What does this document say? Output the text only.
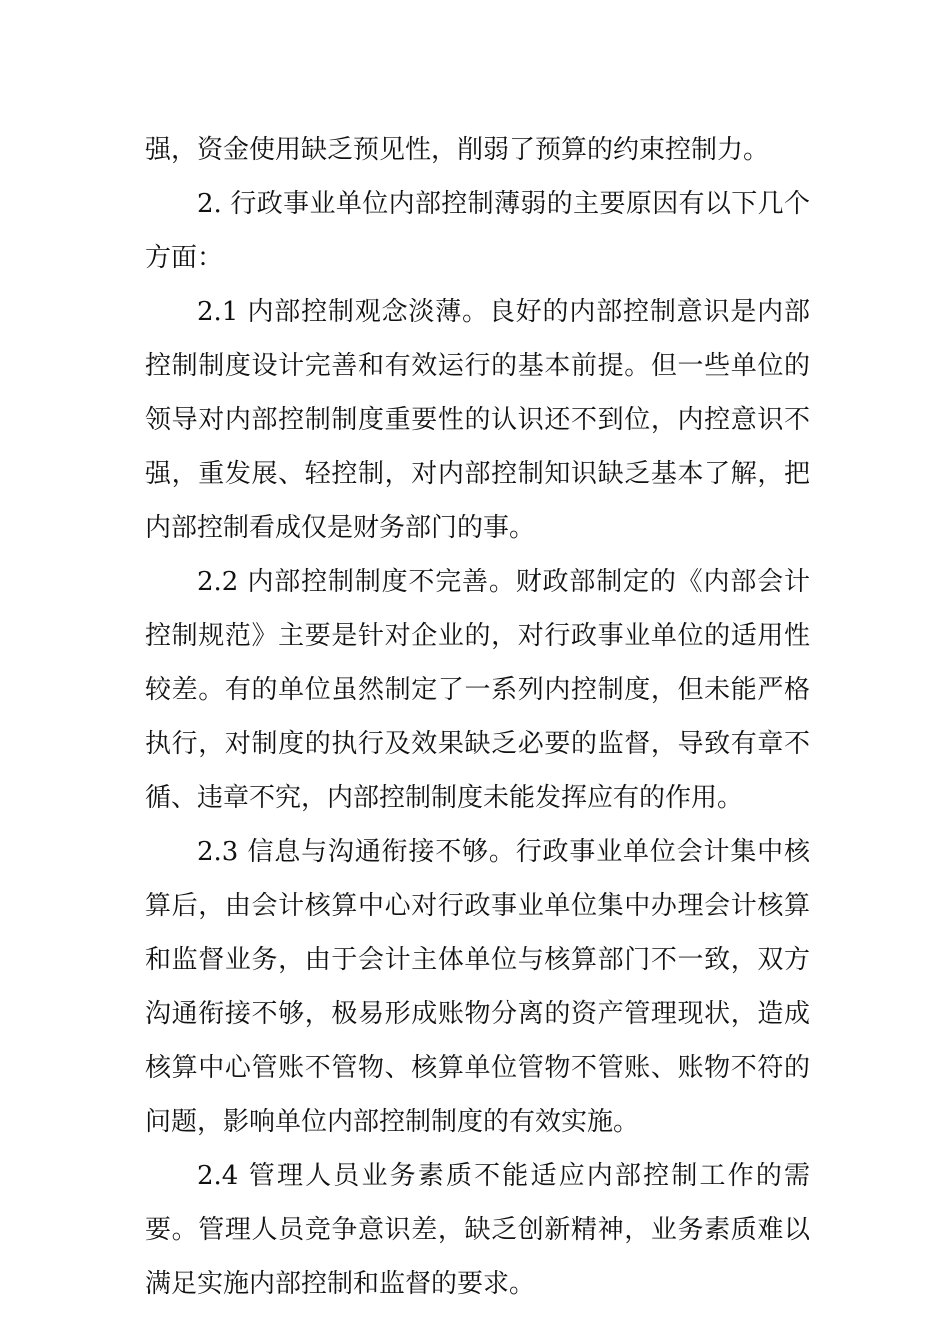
强，资金使用缺乏预见性，削弱了预算的约束控制力。

2. 行政事业单位内部控制薄弱的主要原因有以下几个方面：

2.1 内部控制观念淡薄。良好的内部控制意识是内部控制制度设计完善和有效运行的基本前提。但一些单位的领导对内部控制制度重要性的认识还不到位，内控意识不强，重发展、轻控制，对内部控制知识缺乏基本了解，把内部控制看成仅是财务部门的事。

2.2 内部控制制度不完善。财政部制定的《内部会计控制规范》主要是针对企业的，对行政事业单位的适用性较差。有的单位虽然制定了一系列内控制度，但未能严格执行，对制度的执行及效果缺乏必要的监督，导致有章不循、违章不究，内部控制制度未能发挥应有的作用。

2.3 信息与沟通衔接不够。行政事业单位会计集中核算后，由会计核算中心对行政事业单位集中办理会计核算和监督业务，由于会计主体单位与核算部门不一致，双方沟通衔接不够，极易形成账物分离的资产管理现状，造成核算中心管账不管物、核算单位管物不管账、账物不符的问题，影响单位内部控制制度的有效实施。

2.4 管理人员业务素质不能适应内部控制工作的需要。管理人员竞争意识差，缺乏创新精神，业务素质难以满足实施内部控制和监督的要求。
